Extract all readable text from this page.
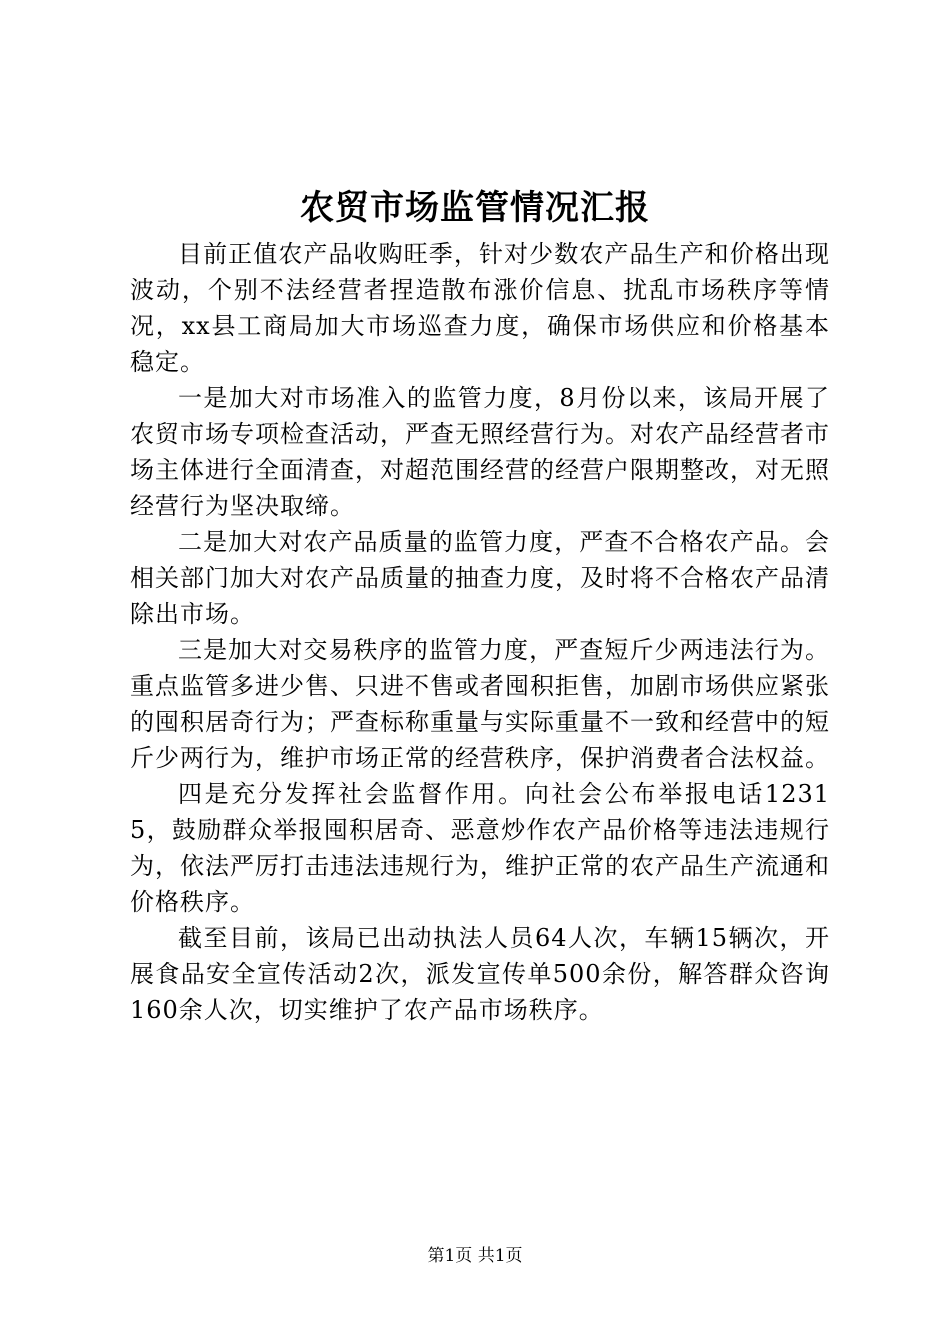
农贸市场监管情况汇报

目前正值农产品收购旺季，针对少数农产品生产和价格出现波动，个别不法经营者捏造散布涨价信息、扰乱市场秩序等情况，xx县工商局加大市场巡查力度，确保市场供应和价格基本稳定。

一是加大对市场准入的监管力度，8月份以来，该局开展了农贸市场专项检查活动，严查无照经营行为。对农产品经营者市场主体进行全面清查，对超范围经营的经营户限期整改，对无照经营行为坚决取缔。

二是加大对农产品质量的监管力度，严查不合格农产品。会相关部门加大对农产品质量的抽查力度，及时将不合格农产品清除出市场。

三是加大对交易秩序的监管力度，严查短斤少两违法行为。重点监管多进少售、只进不售或者囤积拒售，加剧市场供应紧张的囤积居奇行为；严查标称重量与实际重量不一致和经营中的短斤少两行为，维护市场正常的经营秩序，保护消费者合法权益。

四是充分发挥社会监督作用。向社会公布举报电话12315，鼓励群众举报囤积居奇、恶意炒作农产品价格等违法违规行为，依法严厉打击违法违规行为，维护正常的农产品生产流通和价格秩序。

截至目前，该局已出动执法人员64人次，车辆15辆次，开展食品安全宣传活动2次，派发宣传单500余份，解答群众咨询160余人次，切实维护了农产品市场秩序。

第1页 共1页
